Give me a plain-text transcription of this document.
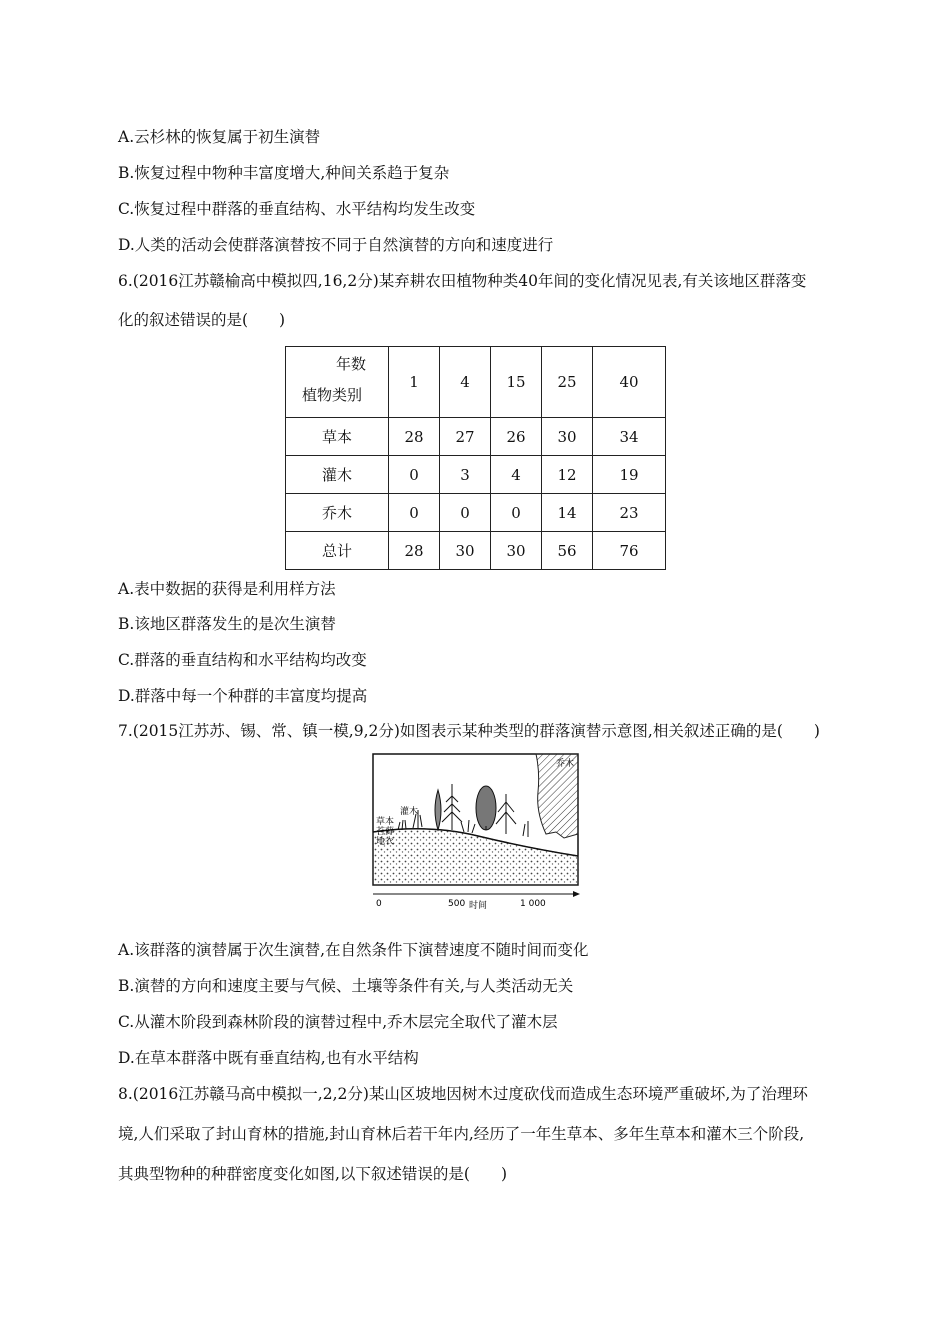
A.云杉林的恢复属于初生演替
B.恢复过程中物种丰富度增大,种间关系趋于复杂
C.恢复过程中群落的垂直结构、水平结构均发生改变
D.人类的活动会使群落演替按不同于自然演替的方向和速度进行
6.(2016江苏赣榆高中模拟四,16,2分)某弃耕农田植物种类40年间的变化情况见表,有关该地区群落变
化的叙述错误的是(　　)
年数
植物类别	1	4	15	25	40
草本	28	27	26	30	34
灌木	0	3	4	12	19
乔木	0	0	0	14	23
总计	28	30	30	56	76
A.表中数据的获得是利用样方法
B.该地区群落发生的是次生演替
C.群落的垂直结构和水平结构均改变
D.群落中每一个种群的丰富度均提高
7.(2015江苏苏、锡、常、镇一模,9,2分)如图表示某种类型的群落演替示意图,相关叙述正确的是(　　)
乔木
灌木
草本
苔藓
地衣
0	500 时间	1 000
A.该群落的演替属于次生演替,在自然条件下演替速度不随时间而变化
B.演替的方向和速度主要与气候、土壤等条件有关,与人类活动无关
C.从灌木阶段到森林阶段的演替过程中,乔木层完全取代了灌木层
D.在草本群落中既有垂直结构,也有水平结构
8.(2016江苏赣马高中模拟一,2,2分)某山区坡地因树木过度砍伐而造成生态环境严重破坏,为了治理环
境,人们采取了封山育林的措施,封山育林后若干年内,经历了一年生草本、多年生草本和灌木三个阶段,
其典型物种的种群密度变化如图,以下叙述错误的是(　　)
